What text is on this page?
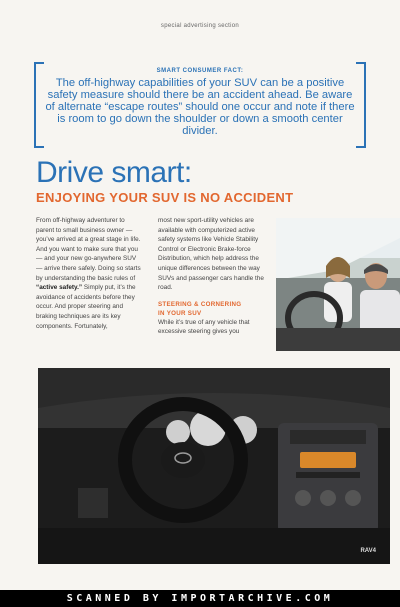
special advertising section
SMART CONSUMER FACT:
The off-highway capabilities of your SUV can be a positive safety measure should there be an accident ahead. Be aware of alternate “escape routes” should one occur and note if there is room to go down the shoulder or down a smooth center divider.
Drive smart:
ENJOYING YOUR SUV IS NO ACCIDENT
From off-highway adventurer to parent to small business owner — you’ve arrived at a great stage in life. And you want to make sure that you — and your new go-anywhere SUV — arrive there safely. Doing so starts by understanding the basic rules of “active safety.” Simply put, it’s the avoidance of accidents before they occur. And proper steering and braking techniques are its key components. Fortunately,
most new sport-utility vehicles are available with computerized active safety systems like Vehicle Stability Control or Electronic Brake-force Distribution, which help address the unique differences between the way SUVs and passenger cars handle the road.
STEERING & CORNERING
IN YOUR SUV
While it’s true of any vehicle that excessive steering gives you
RAV4
SCANNED BY IMPORTARCHIVE.COM
